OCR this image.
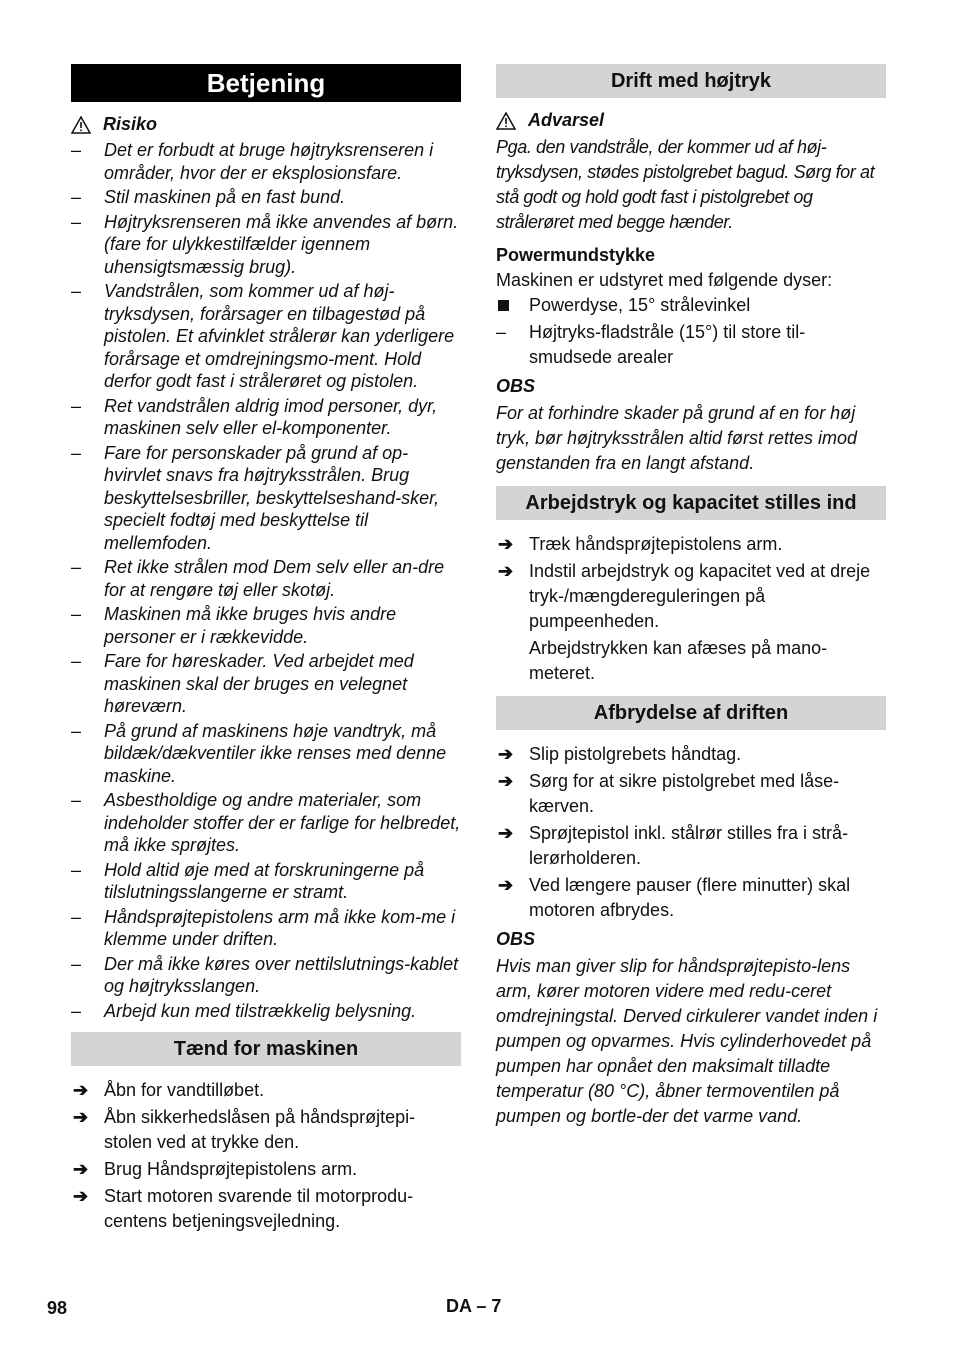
Betjening
Risiko
– Det er forbudt at bruge højtryksrenseren i områder, hvor der er eksplosionsfare.
– Stil maskinen på en fast bund.
– Højtryksrenseren må ikke anvendes af børn. (fare for ulykkestilfælder igennem uhensigtsmæssig brug).
– Vandstrålen, som kommer ud af høj-tryksdysen, forårsager en tilbagestød på pistolen. Et afvinklet strålerør kan yderligere forårsage et omdrejningsmo-ment. Hold derfor godt fast i strålerøret og pistolen.
– Ret vandstrålen aldrig imod personer, dyr, maskinen selv eller el-komponenter.
– Fare for personskader på grund af op-hvirvlet snavs fra højtryksstrålen. Brug beskyttelsesbriller, beskyttelseshand-sker, specielt fodtøj med beskyttelse til mellemfoden.
– Ret ikke strålen mod Dem selv eller an-dre for at rengøre tøj eller skotøj.
– Maskinen må ikke bruges hvis andre personer er i rækkevidde.
– Fare for høreskader. Ved arbejdet med maskinen skal der bruges en velegnet høreværn.
– På grund af maskinens høje vandtryk, må bildæk/dækventiler ikke renses med denne maskine.
– Asbestholdige og andre materialer, som indeholder stoffer der er farlige for helbredet, må ikke sprøjtes.
– Hold altid øje med at forskruningerne på tilslutningsslangerne er stramt.
– Håndsprøjtepistolens arm må ikke kom-me i klemme under driften.
– Der må ikke køres over nettilslutnings-kablet og højtryksslangen.
– Arbejd kun med tilstrækkelig belysning.
Tænd for maskinen
➔ Åbn for vandtilløbet.
➔ Åbn sikkerhedslåsen på håndsprøjtepi-stolen ved at trykke den.
➔ Brug Håndsprøjtepistolens arm.
➔ Start motoren svarende til motorprodu-centens betjeningsvejledning.
Drift med højtryk
Advarsel

Pga. den vandstråle, der kommer ud af høj-tryksdysen, stødes pistolgrebet bagud. Sørg for at stå godt og hold godt fast i pistolgrebet og strålerøret med begge hænder.

Powermundstykke

Maskinen er udstyret med følgende dyser:

Powerdyse, 15° strålevinkel
– Højtryks-fladstråle (15°) til store til-smudsede arealer
OBS

For at forhindre skader på grund af en for høj tryk, bør højtryksstrålen altid først rettes imod genstanden fra en langt afstand.

Arbejdstryk og kapacitet stilles ind
➔ Træk håndsprøjtepistolens arm.
➔ Indstil arbejdstryk og kapacitet ved at dreje tryk-/mængdereguleringen på pumpeenheden.

Arbejdstrykken kan afæses på mano-meteret.

Afbrydelse af driften
➔ Slip pistolgrebets håndtag.
➔ Sørg for at sikre pistolgrebet med låse-kærven.
➔ Sprøjtepistol inkl. stålrør stilles fra i strå-lerørholderen.
➔ Ved længere pauser (flere minutter) skal motoren afbrydes.
OBS

Hvis man giver slip for håndsprøjtepisto-lens arm, kører motoren videre med redu-ceret omdrejningstal. Derved cirkulerer vandet inden i pumpen og opvarmes. Hvis cylinderhovedet på pumpen har opnået den maksimalt tilladte temperatur (80 °C), åbner termoventilen på pumpen og bortle-der det varme vand.

98	DA – 7
